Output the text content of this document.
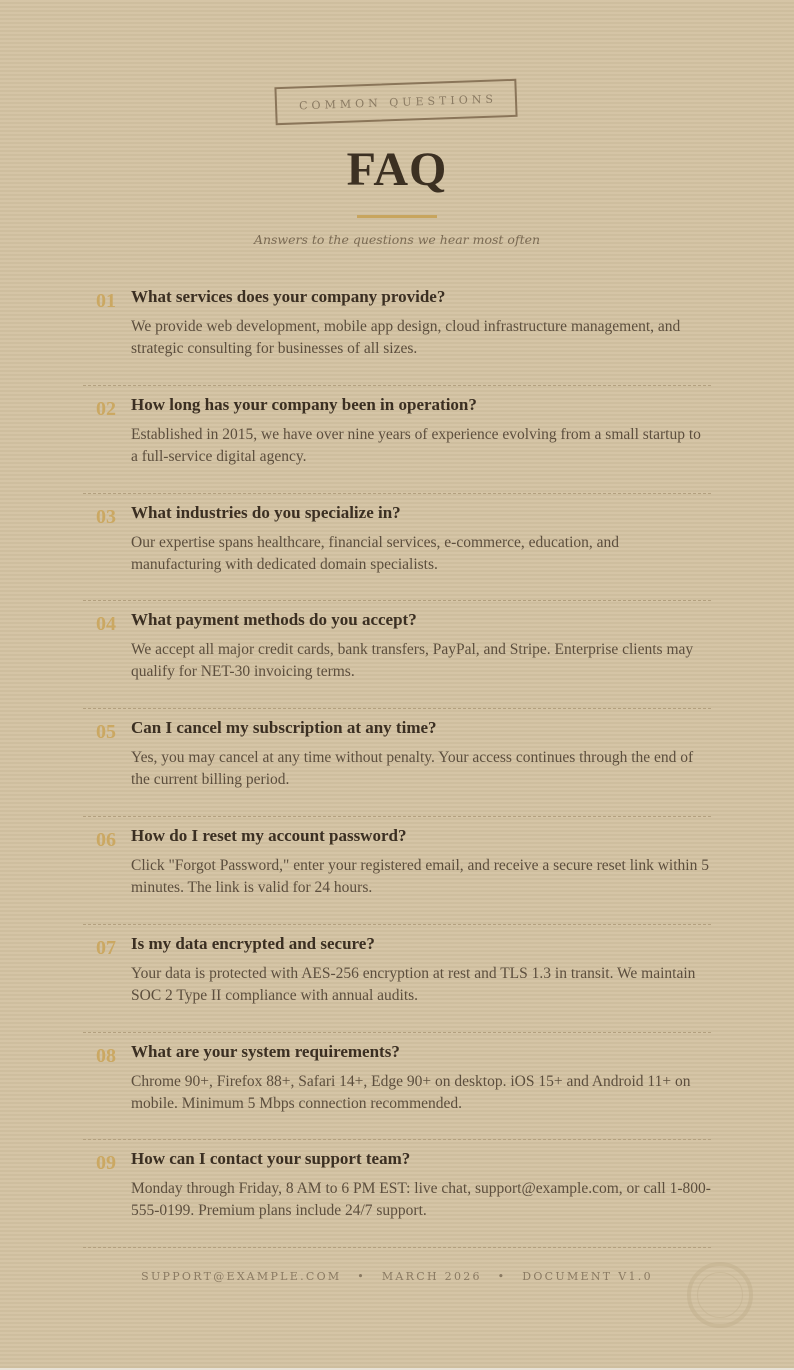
COMMON QUESTIONS
FAQ
Answers to the questions we hear most often
01 What services does your company provide?
We provide web development, mobile app design, cloud infrastructure management, and strategic consulting for businesses of all sizes.
02 How long has your company been in operation?
Established in 2015, we have over nine years of experience evolving from a small startup to a full-service digital agency.
03 What industries do you specialize in?
Our expertise spans healthcare, financial services, e-commerce, education, and manufacturing with dedicated domain specialists.
04 What payment methods do you accept?
We accept all major credit cards, bank transfers, PayPal, and Stripe. Enterprise clients may qualify for NET-30 invoicing terms.
05 Can I cancel my subscription at any time?
Yes, you may cancel at any time without penalty. Your access continues through the end of the current billing period.
06 How do I reset my account password?
Click "Forgot Password," enter your registered email, and receive a secure reset link within 5 minutes. The link is valid for 24 hours.
07 Is my data encrypted and secure?
Your data is protected with AES-256 encryption at rest and TLS 1.3 in transit. We maintain SOC 2 Type II compliance with annual audits.
08 What are your system requirements?
Chrome 90+, Firefox 88+, Safari 14+, Edge 90+ on desktop. iOS 15+ and Android 11+ on mobile. Minimum 5 Mbps connection recommended.
09 How can I contact your support team?
Monday through Friday, 8 AM to 6 PM EST: live chat, support@example.com, or call 1-800-555-0199. Premium plans include 24/7 support.
SUPPORT@EXAMPLE.COM • MARCH 2026 • DOCUMENT V1.0
